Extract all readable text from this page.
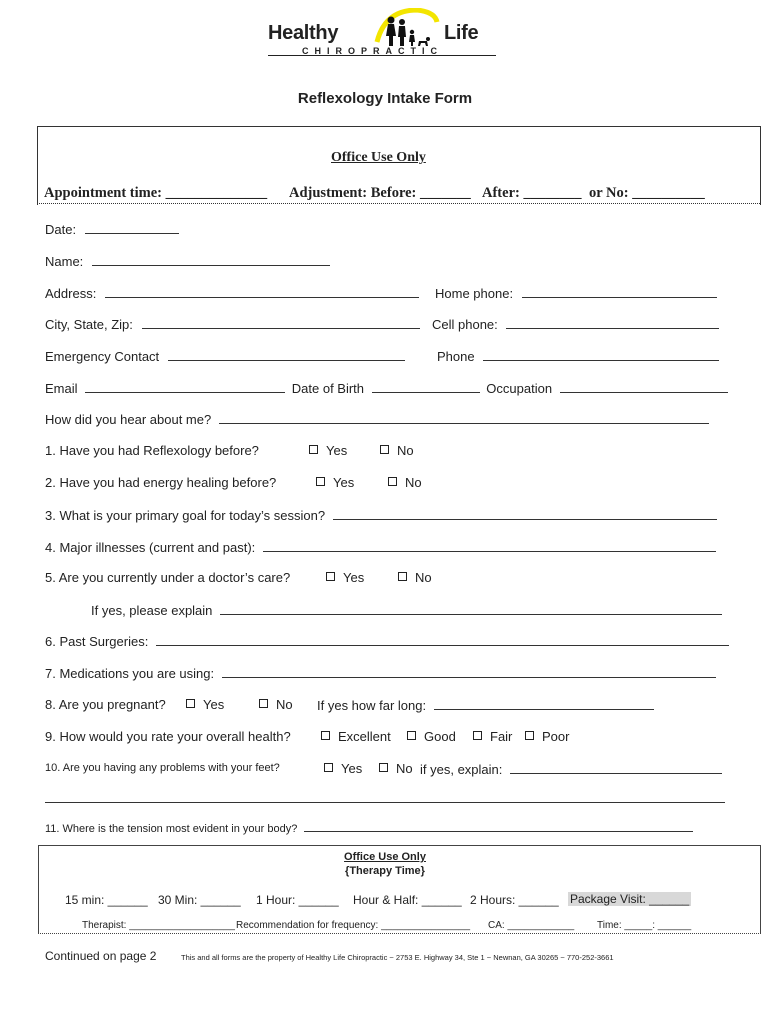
Healthy	Life
CHIROPRACTIC
Reflexology Intake Form
Office Use Only
Appointment time: ______________ Adjustment: Before: _______ After: ________ or No: __________
Date:
Name:
Address:	Home phone:
City, State, Zip:	Cell phone:
Emergency Contact	Phone
Email	Date of Birth	Occupation
How did you hear about me?
1. Have you had Reflexology before?	Yes	No
2. Have you had energy healing before?	Yes	No
3. What is your primary goal for today’s session?
4. Major illnesses (current and past):
5. Are you currently under a doctor’s care?	Yes	No
If yes, please explain
6. Past Surgeries:
7. Medications you are using:
8. Are you pregnant?	Yes	No If yes how far long:
9. How would you rate your overall health?	Excellent	Good	Fair	Poor
10. Are you having any problems with your feet?	Yes	No if yes, explain:
11. Where is the tension most evident in your body?
Office Use Only
{Therapy Time}
15 min: ______ 30 Min: ______ 1 Hour: ______ Hour & Half: ______ 2 Hours: ______ Package Visit: ______
Therapist: ___________________ Recommendation for frequency: ________________ CA: ____________ Time: _____: ______
Continued on page 2	This and all forms are the property of Healthy Life Chiropractic ~ 2753 E. Highway 34, Ste 1 ~ Newnan, GA 30265 ~ 770-252-3661
